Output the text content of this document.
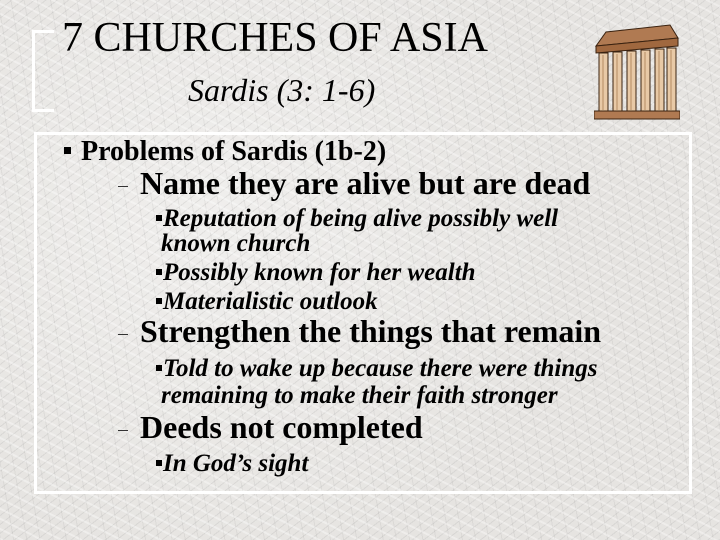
7 CHURCHES OF ASIA
Sardis (3: 1-6)
Problems of Sardis (1b-2)
Name they are alive but are dead
Reputation of being alive possibly well
known church
Possibly known for her wealth
Materialistic outlook
Strengthen the things that remain
Told to wake up because there were things
remaining to make their faith stronger
Deeds not completed
In God’s sight
